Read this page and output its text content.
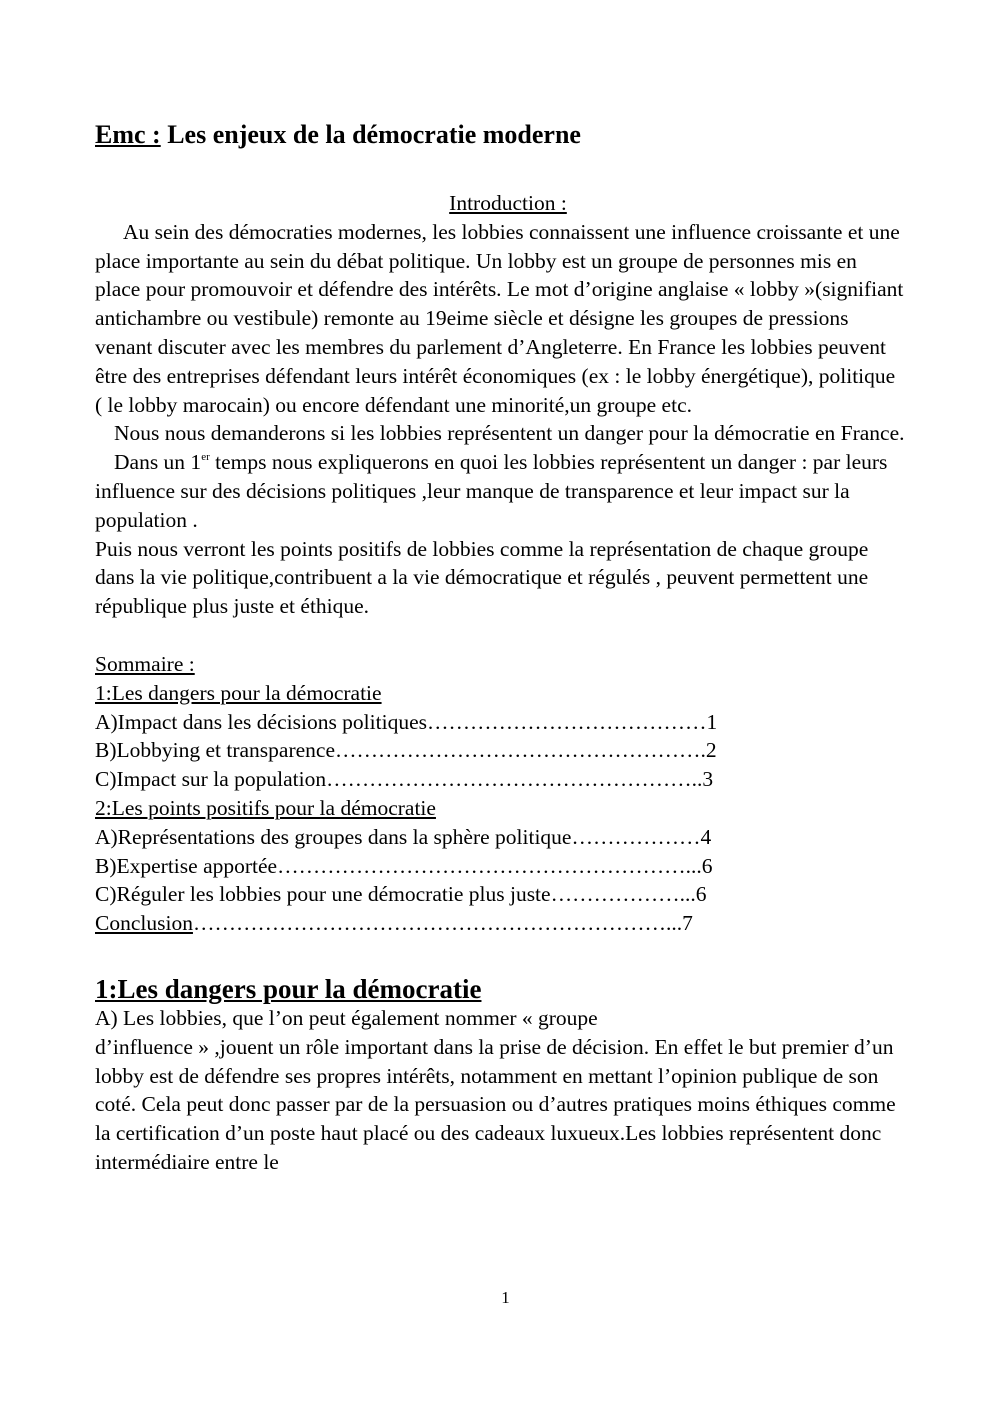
Emc : Les enjeux de la démocratie moderne
Introduction :

Au sein des démocraties modernes, les lobbies connaissent une influence croissante et une place importante au sein du débat politique. Un lobby est un groupe de personnes mis en place pour promouvoir et défendre des intérêts. Le mot d’origine anglaise « lobby »(signifiant antichambre ou vestibule) remonte au 19eime siècle et désigne les groupes de pressions venant discuter avec les membres du parlement d’Angleterre. En France les lobbies peuvent être des entreprises défendant leurs intérêt économiques (ex : le lobby énergétique), politique ( le lobby marocain) ou encore défendant une minorité,un groupe etc.

Nous nous demanderons si les lobbies représentent un danger pour la démocratie en France.

Dans un 1er temps nous expliquerons en quoi les lobbies représentent un danger : par leurs influence sur des décisions politiques ,leur manque de transparence et leur impact sur la population .

Puis nous verront les points positifs de lobbies comme la représentation de chaque groupe dans la vie politique,contribuent a la vie démocratique et régulés , peuvent permettent une république plus juste et éthique.

Sommaire :

1:Les dangers pour la démocratie

A)Impact dans les décisions politiques…………………………………1

B)Lobbying et transparence…………………………………………….2

C)Impact sur la population……………………………………………..3

2:Les points positifs pour la démocratie

A)Représentations des groupes dans la sphère politique………………4

B)Expertise apportée…………………………………………………...6

C)Réguler les lobbies pour une démocratie plus juste………………...6

Conclusion…………………………………………………………...7

1:Les dangers pour la démocratie

A) Les lobbies, que l’on peut également nommer « groupe

d’influence » ,jouent un rôle important dans la prise de décision. En effet le but premier d’un lobby est de défendre ses propres intérêts, notamment en mettant l’opinion publique de son coté. Cela peut donc passer par de la persuasion ou d’autres pratiques moins éthiques comme la certification d’un poste haut placé ou des cadeaux luxueux.Les lobbies représentent donc intermédiaire entre le

1
